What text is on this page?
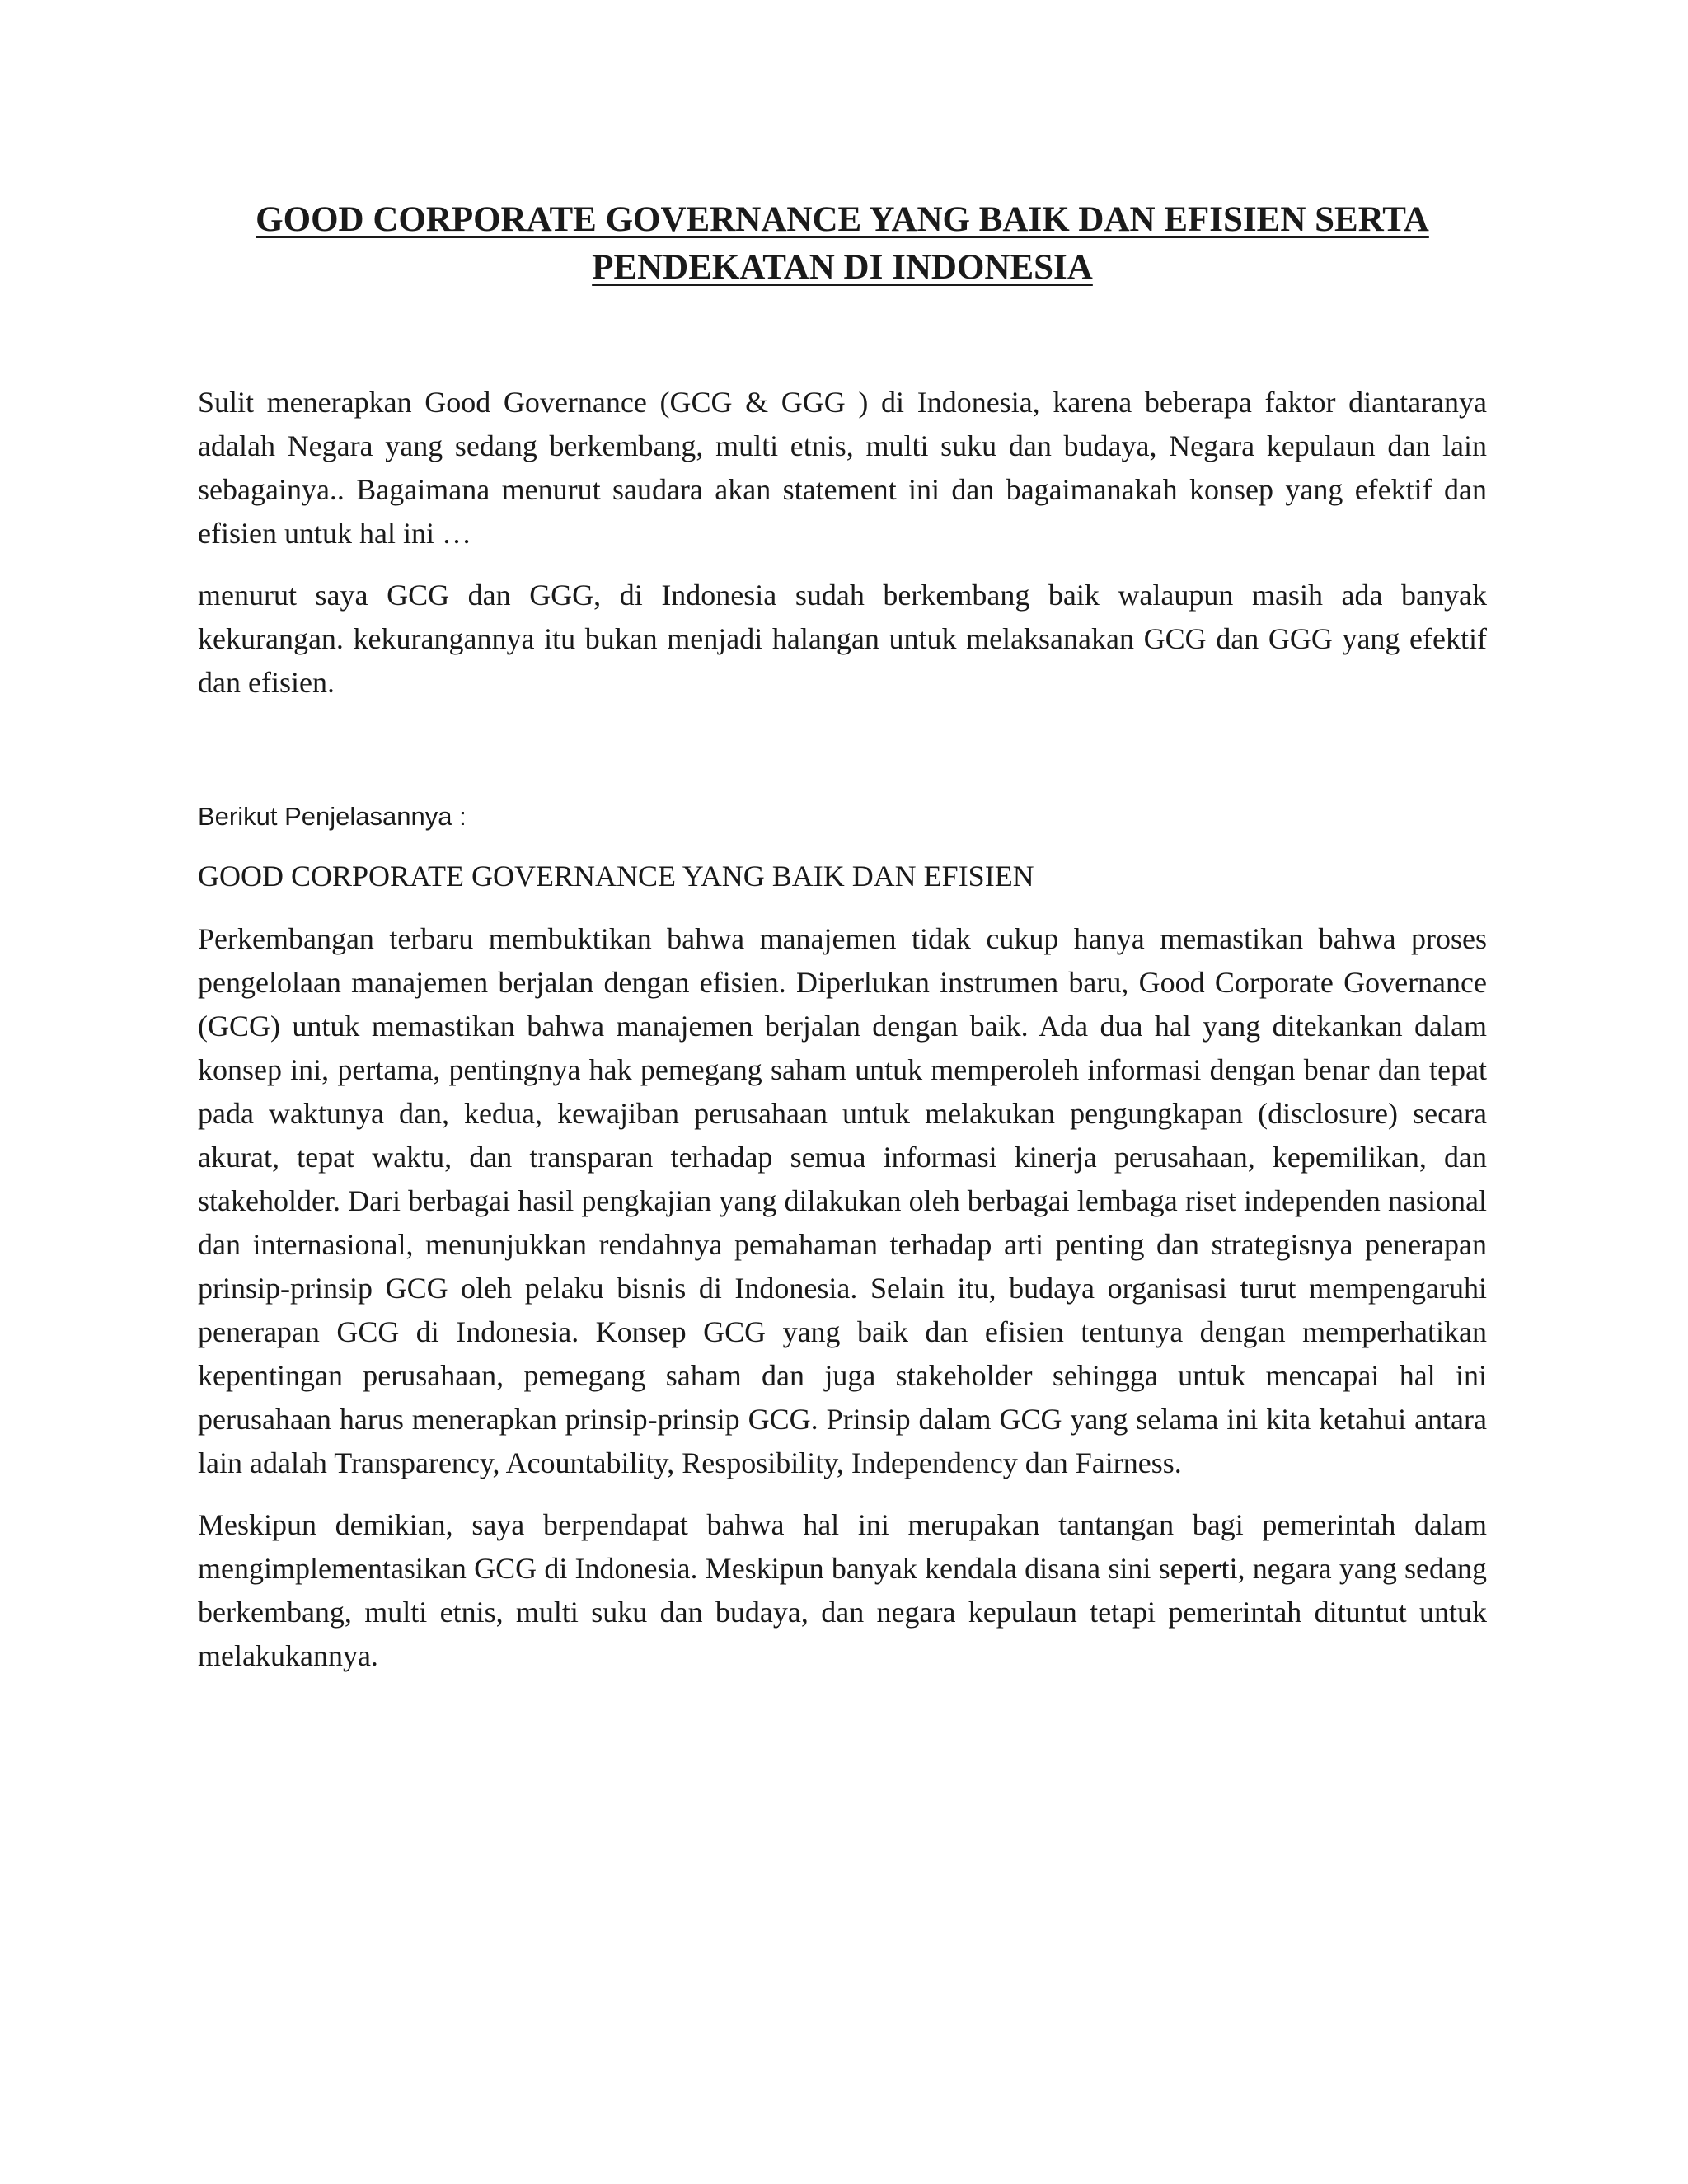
GOOD CORPORATE GOVERNANCE YANG BAIK DAN EFISIEN SERTA
PENDEKATAN DI INDONESIA

Sulit menerapkan Good Governance (GCG & GGG ) di Indonesia, karena beberapa faktor diantaranya adalah Negara yang sedang berkembang, multi etnis, multi suku dan budaya, Negara kepulaun dan lain sebagainya.. Bagaimana menurut saudara akan statement ini dan bagaimanakah konsep yang efektif dan efisien untuk hal ini …

menurut saya GCG dan GGG, di Indonesia sudah berkembang baik walaupun masih ada banyak kekurangan. kekurangannya itu bukan menjadi halangan untuk melaksanakan GCG dan GGG yang efektif dan efisien.

Berikut Penjelasannya :

GOOD CORPORATE GOVERNANCE YANG BAIK DAN EFISIEN

Perkembangan terbaru membuktikan bahwa manajemen tidak cukup hanya memastikan bahwa proses pengelolaan manajemen berjalan dengan efisien. Diperlukan instrumen baru, Good Corporate Governance (GCG) untuk memastikan bahwa manajemen berjalan dengan baik. Ada dua hal yang ditekankan dalam konsep ini, pertama, pentingnya hak pemegang saham untuk memperoleh informasi dengan benar dan tepat pada waktunya dan, kedua, kewajiban perusahaan untuk melakukan pengungkapan (disclosure) secara akurat, tepat waktu, dan transparan terhadap semua informasi kinerja perusahaan, kepemilikan, dan stakeholder. Dari berbagai hasil pengkajian yang dilakukan oleh berbagai lembaga riset independen nasional dan internasional, menunjukkan rendahnya pemahaman terhadap arti penting dan strategisnya penerapan prinsip-prinsip GCG oleh pelaku bisnis di Indonesia. Selain itu, budaya organisasi turut mempengaruhi penerapan GCG di Indonesia. Konsep GCG yang baik dan efisien tentunya dengan memperhatikan kepentingan perusahaan, pemegang saham dan juga stakeholder sehingga untuk mencapai hal ini perusahaan harus menerapkan prinsip-prinsip GCG. Prinsip dalam GCG yang selama ini kita ketahui antara lain adalah Transparency, Acountability, Resposibility, Independency dan Fairness.

Meskipun demikian, saya berpendapat bahwa hal ini merupakan tantangan bagi pemerintah dalam mengimplementasikan GCG di Indonesia. Meskipun banyak kendala disana sini seperti, negara yang sedang berkembang, multi etnis, multi suku dan budaya, dan negara kepulaun tetapi pemerintah dituntut untuk melakukannya.
